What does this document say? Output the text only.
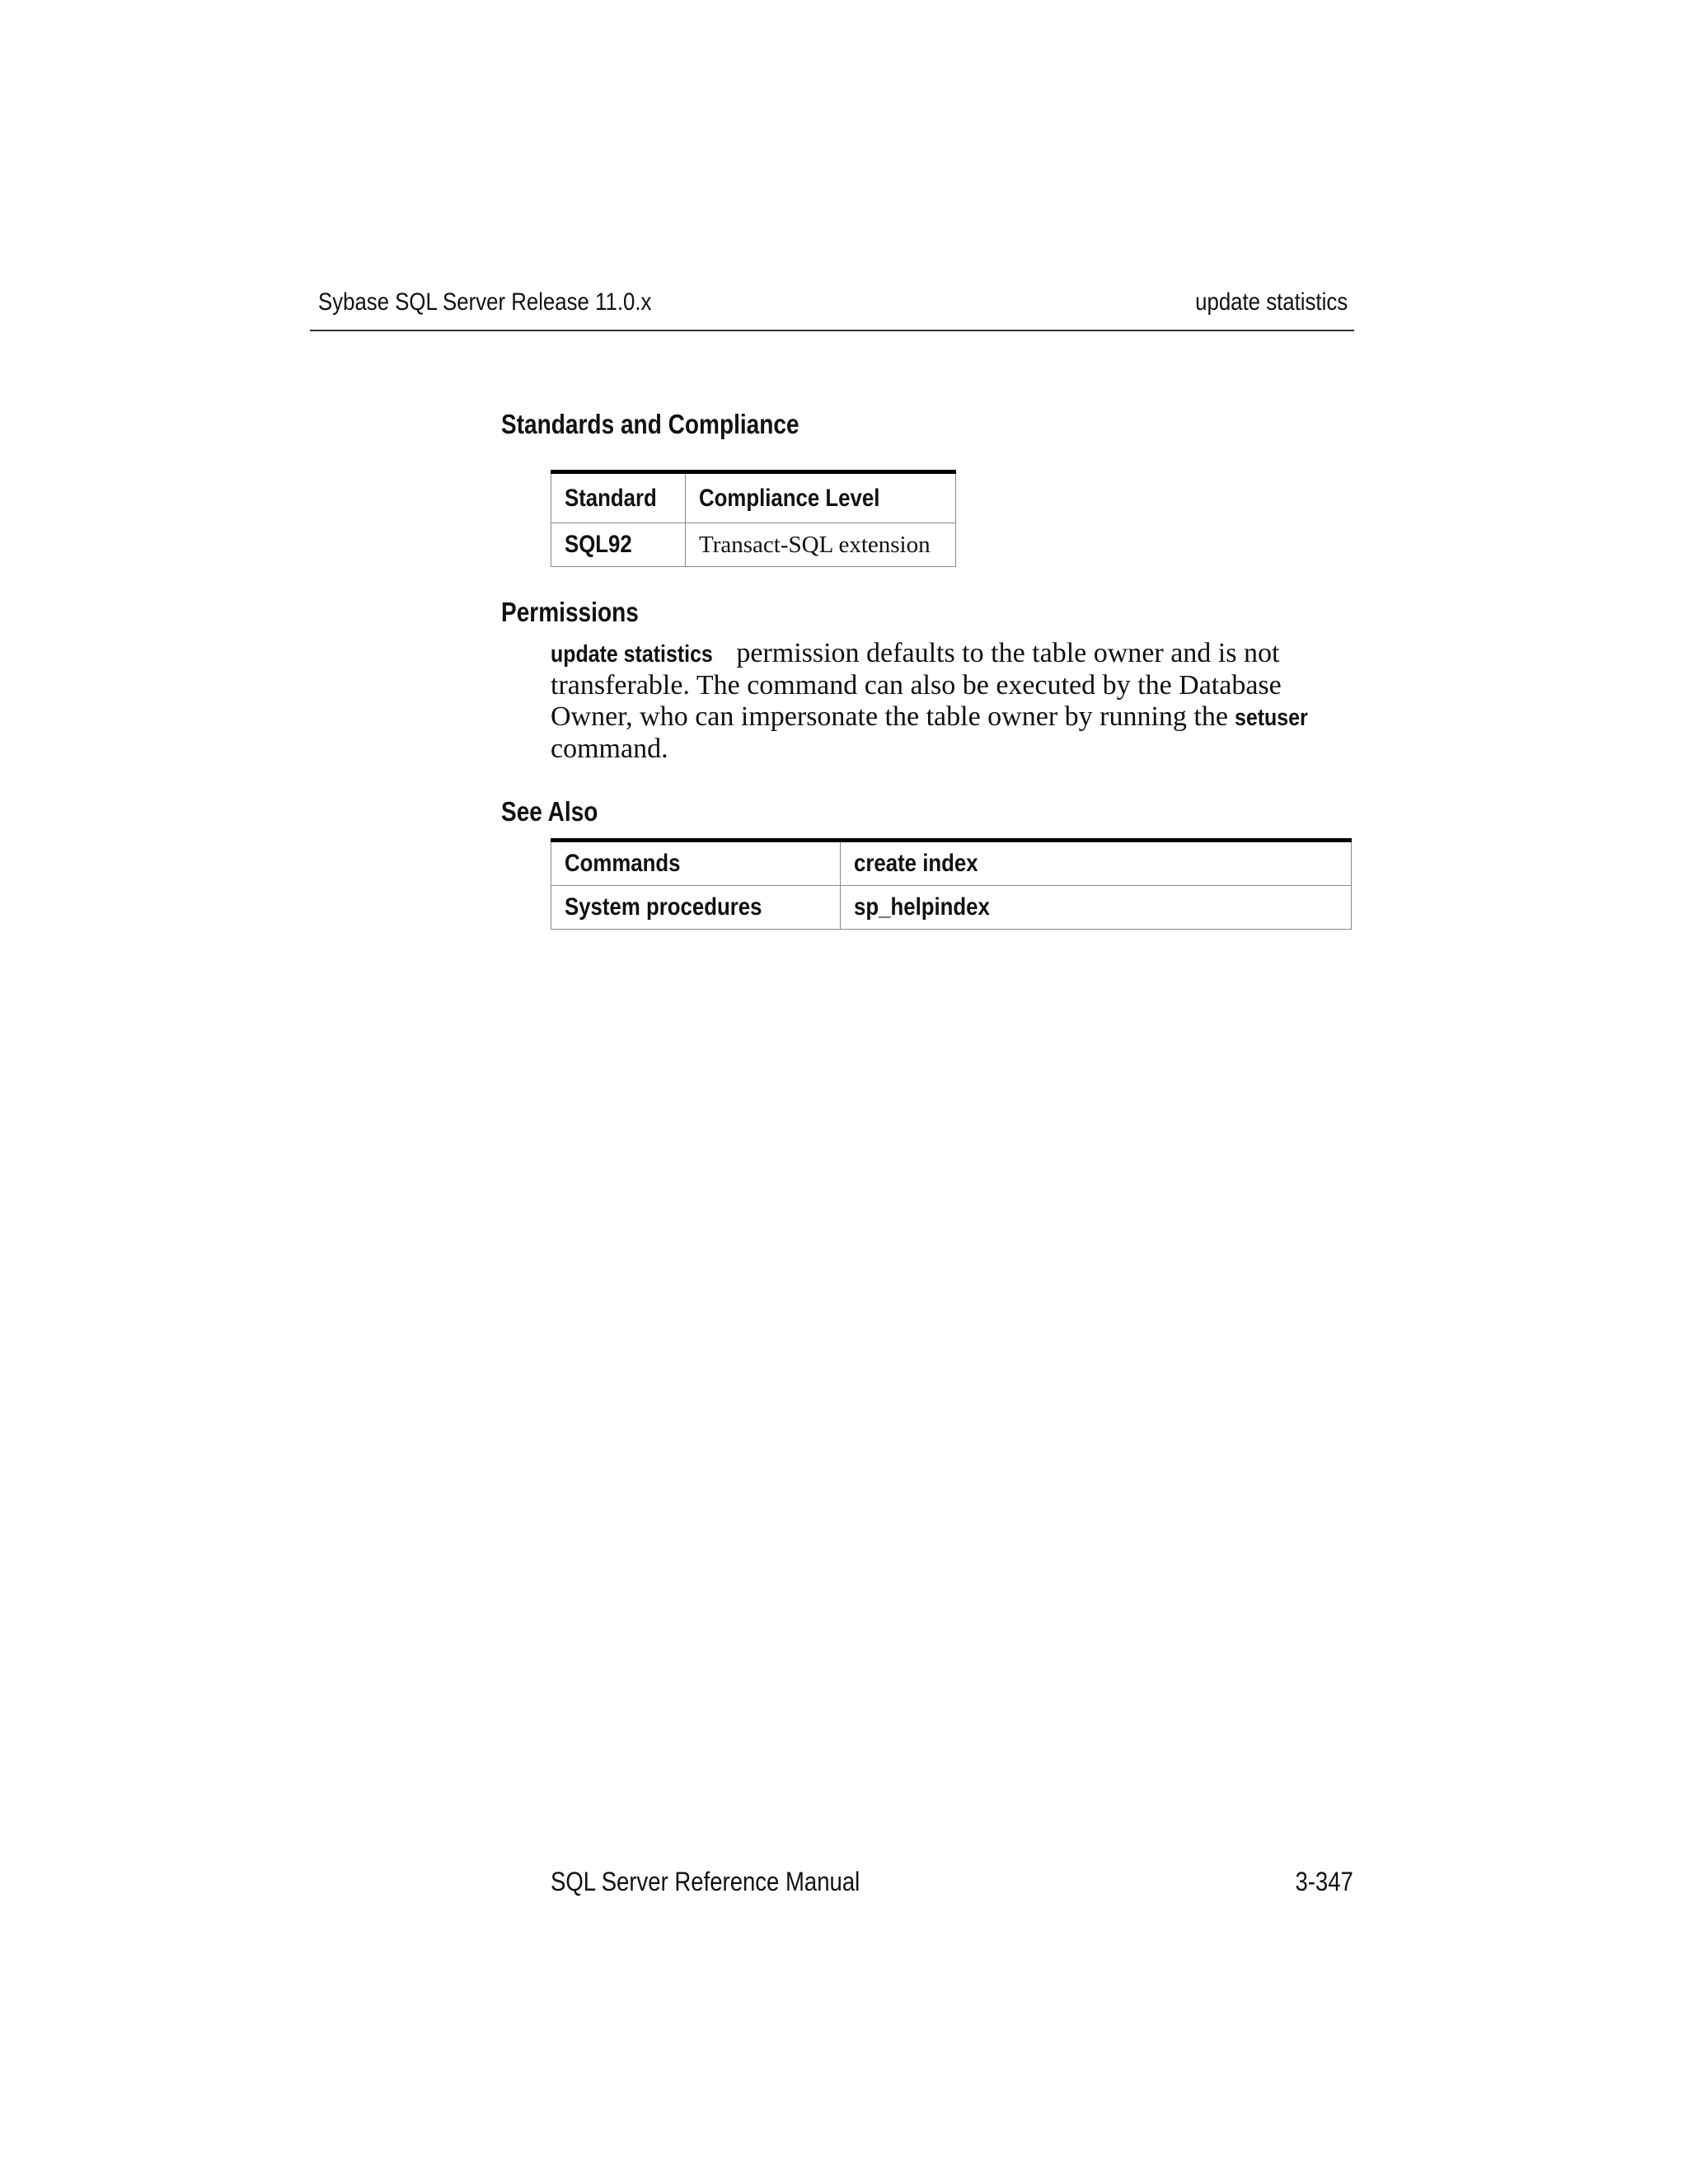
Sybase SQL Server Release 11.0.x	update statistics
Standards and Compliance
Standard	Compliance Level
SQL92	Transact-SQL extension
Permissions
update statistics permission defaults to the table owner and is not transferable. The command can also be executed by the Database Owner, who can impersonate the table owner by running the setuser command.
See Also
Commands	create index
System procedures	sp_helpindex
SQL Server Reference Manual	3-347
